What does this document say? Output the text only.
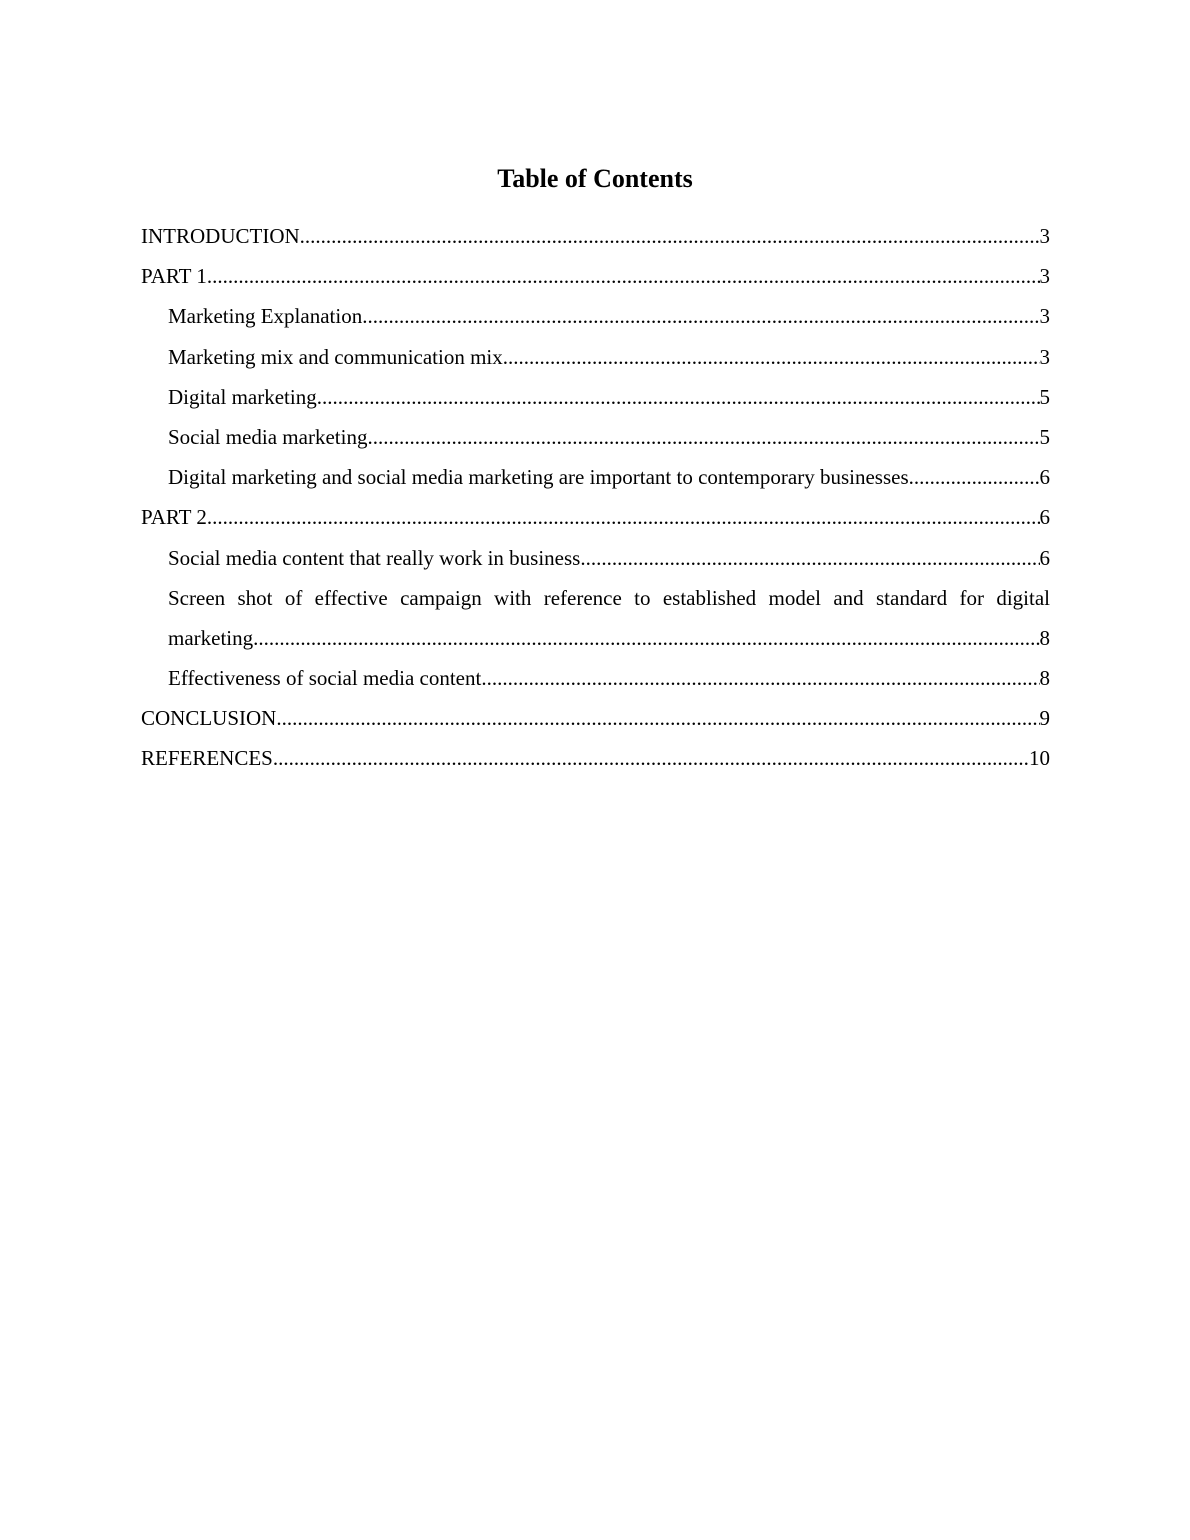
Table of Contents
INTRODUCTION .....	3
PART 1 .....	3
Marketing Explanation .....	3
Marketing mix and communication mix .....	3
Digital marketing .....	5
Social media marketing .....	5
Digital marketing and social media marketing are important to contemporary businesses .....	6
PART 2 .....	6
Social media content that really work in business .....	6
Screen shot of effective campaign with reference to established model and standard for digital
marketing .....	8
Effectiveness of social media content .....	8
CONCLUSION .....	9
REFERENCES .....	10
